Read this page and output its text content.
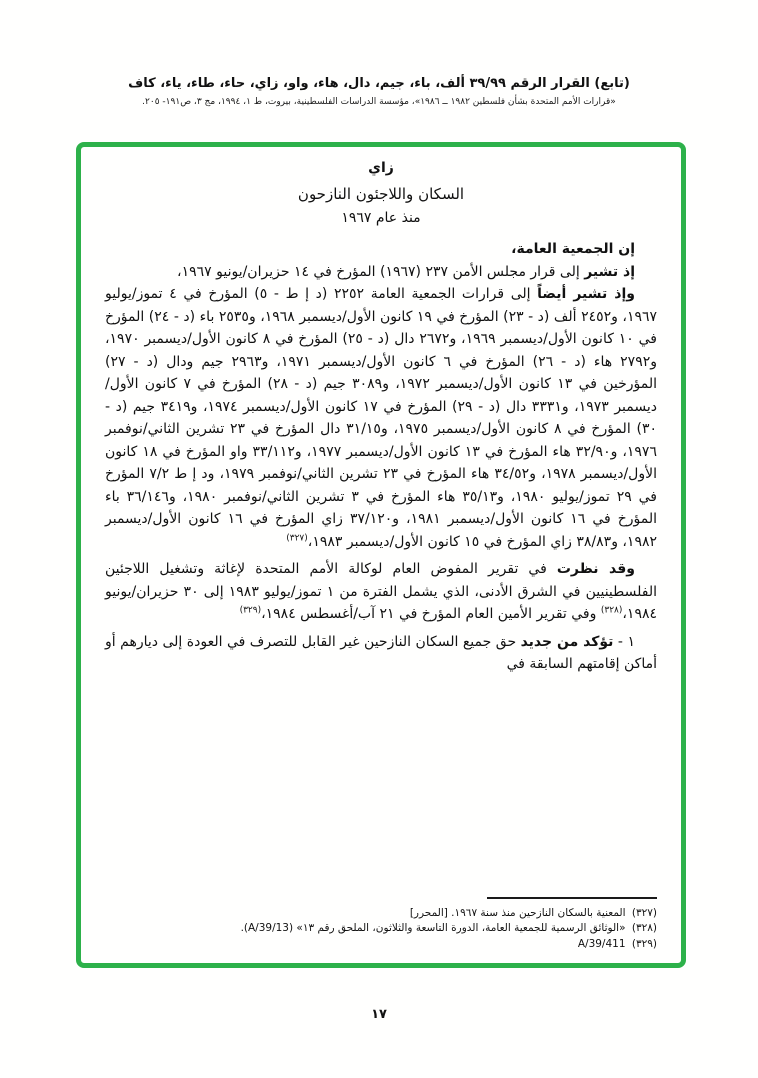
(تابع) القرار الرقم ٣٩/٩٩ ألف، باء، جيم، دال، هاء، واو، زاي، حاء، طاء، ياء، كاف
«قرارات الأمم المتحدة بشأن فلسطين ١٩٨٢ ــ ١٩٨٦»، مؤسسة الدراسات الفلسطينية، بيروت، ط ١، ١٩٩٤، مج ٣، ص١٩١- ٢٠٥.
زاي
السكان واللاجئون النازحون
منذ عام ١٩٦٧

إن الجمعية العامة،

إذ تشير إلى قرار مجلس الأمن ٢٣٧ (١٩٦٧) المؤرخ في ١٤ حزيران/يونيو ١٩٦٧،

وإذ تشير أيضاً إلى قرارات الجمعية العامة ٢٢٥٢ (د إ ط - ٥) المؤرخ في ٤ تموز/يوليو ١٩٦٧، و٢٤٥٢ ألف (د - ٢٣) المؤرخ في ١٩ كانون الأول/ديسمبر ١٩٦٨، و٢٥٣٥ باء (د - ٢٤) المؤرخ في ١٠ كانون الأول/ديسمبر ١٩٦٩، و٢٦٧٢ دال (د - ٢٥) المؤرخ في ٨ كانون الأول/ديسمبر ١٩٧٠، و٢٧٩٢ هاء (د - ٢٦) المؤرخ في ٦ كانون الأول/ديسمبر ١٩٧١، و٢٩٦٣ جيم ودال (د - ٢٧) المؤرخين في ١٣ كانون الأول/ديسمبر ١٩٧٢، و٣٠٨٩ جيم (د - ٢٨) المؤرخ في ٧ كانون الأول/ديسمبر ١٩٧٣، و٣٣٣١ دال (د - ٢٩) المؤرخ في ١٧ كانون الأول/ديسمبر ١٩٧٤، و٣٤١٩ جيم (د - ٣٠) المؤرخ في ٨ كانون الأول/ديسمبر ١٩٧٥، و٣١/١٥ دال المؤرخ في ٢٣ تشرين الثاني/نوفمبر ١٩٧٦، و٣٢/٩٠ هاء المؤرخ في ١٣ كانون الأول/ديسمبر ١٩٧٧، و٣٣/١١٢ واو المؤرخ في ١٨ كانون الأول/ديسمبر ١٩٧٨، و٣٤/٥٢ هاء المؤرخ في ٢٣ تشرين الثاني/نوفمبر ١٩٧٩، ود إ ط ٧/٢ المؤرخ في ٢٩ تموز/يوليو ١٩٨٠، و٣٥/١٣ هاء المؤرخ في ٣ تشرين الثاني/نوفمبر ١٩٨٠، و٣٦/١٤٦ باء المؤرخ في ١٦ كانون الأول/ديسمبر ١٩٨١، و٣٧/١٢٠ زاي المؤرخ في ١٦ كانون الأول/ديسمبر ١٩٨٢، و٣٨/٨٣ زاي المؤرخ في ١٥ كانون الأول/ديسمبر ١٩٨٣،$^{(٣٢٧)}$

وقد نظرت في تقرير المفوض العام لوكالة الأمم المتحدة لإغاثة وتشغيل اللاجئين الفلسطينيين في الشرق الأدنى، الذي يشمل الفترة من ١ تموز/يوليو ١٩٨٣ إلى ٣٠ حزيران/يونيو ١٩٨٤،$^{(٣٢٨)}$ وفي تقرير الأمين العام المؤرخ في ٢١ آب/أغسطس ١٩٨٤،$^{(٣٢٩)}$

١ - تؤكد من جديد حق جميع السكان النازحين غير القابل للتصرف في العودة إلى ديارهم أو أماكن إقامتهم السابقة في

(٣٢٧) المعنية بالسكان النازحين منذ سنة ١٩٦٧. [المحرر]
(٣٢٨) «الوثائق الرسمية للجمعية العامة، الدورة التاسعة والثلاثون، الملحق رقم ١٣» (A/39/13).
(٣٢٩) A/39/411
١٧
